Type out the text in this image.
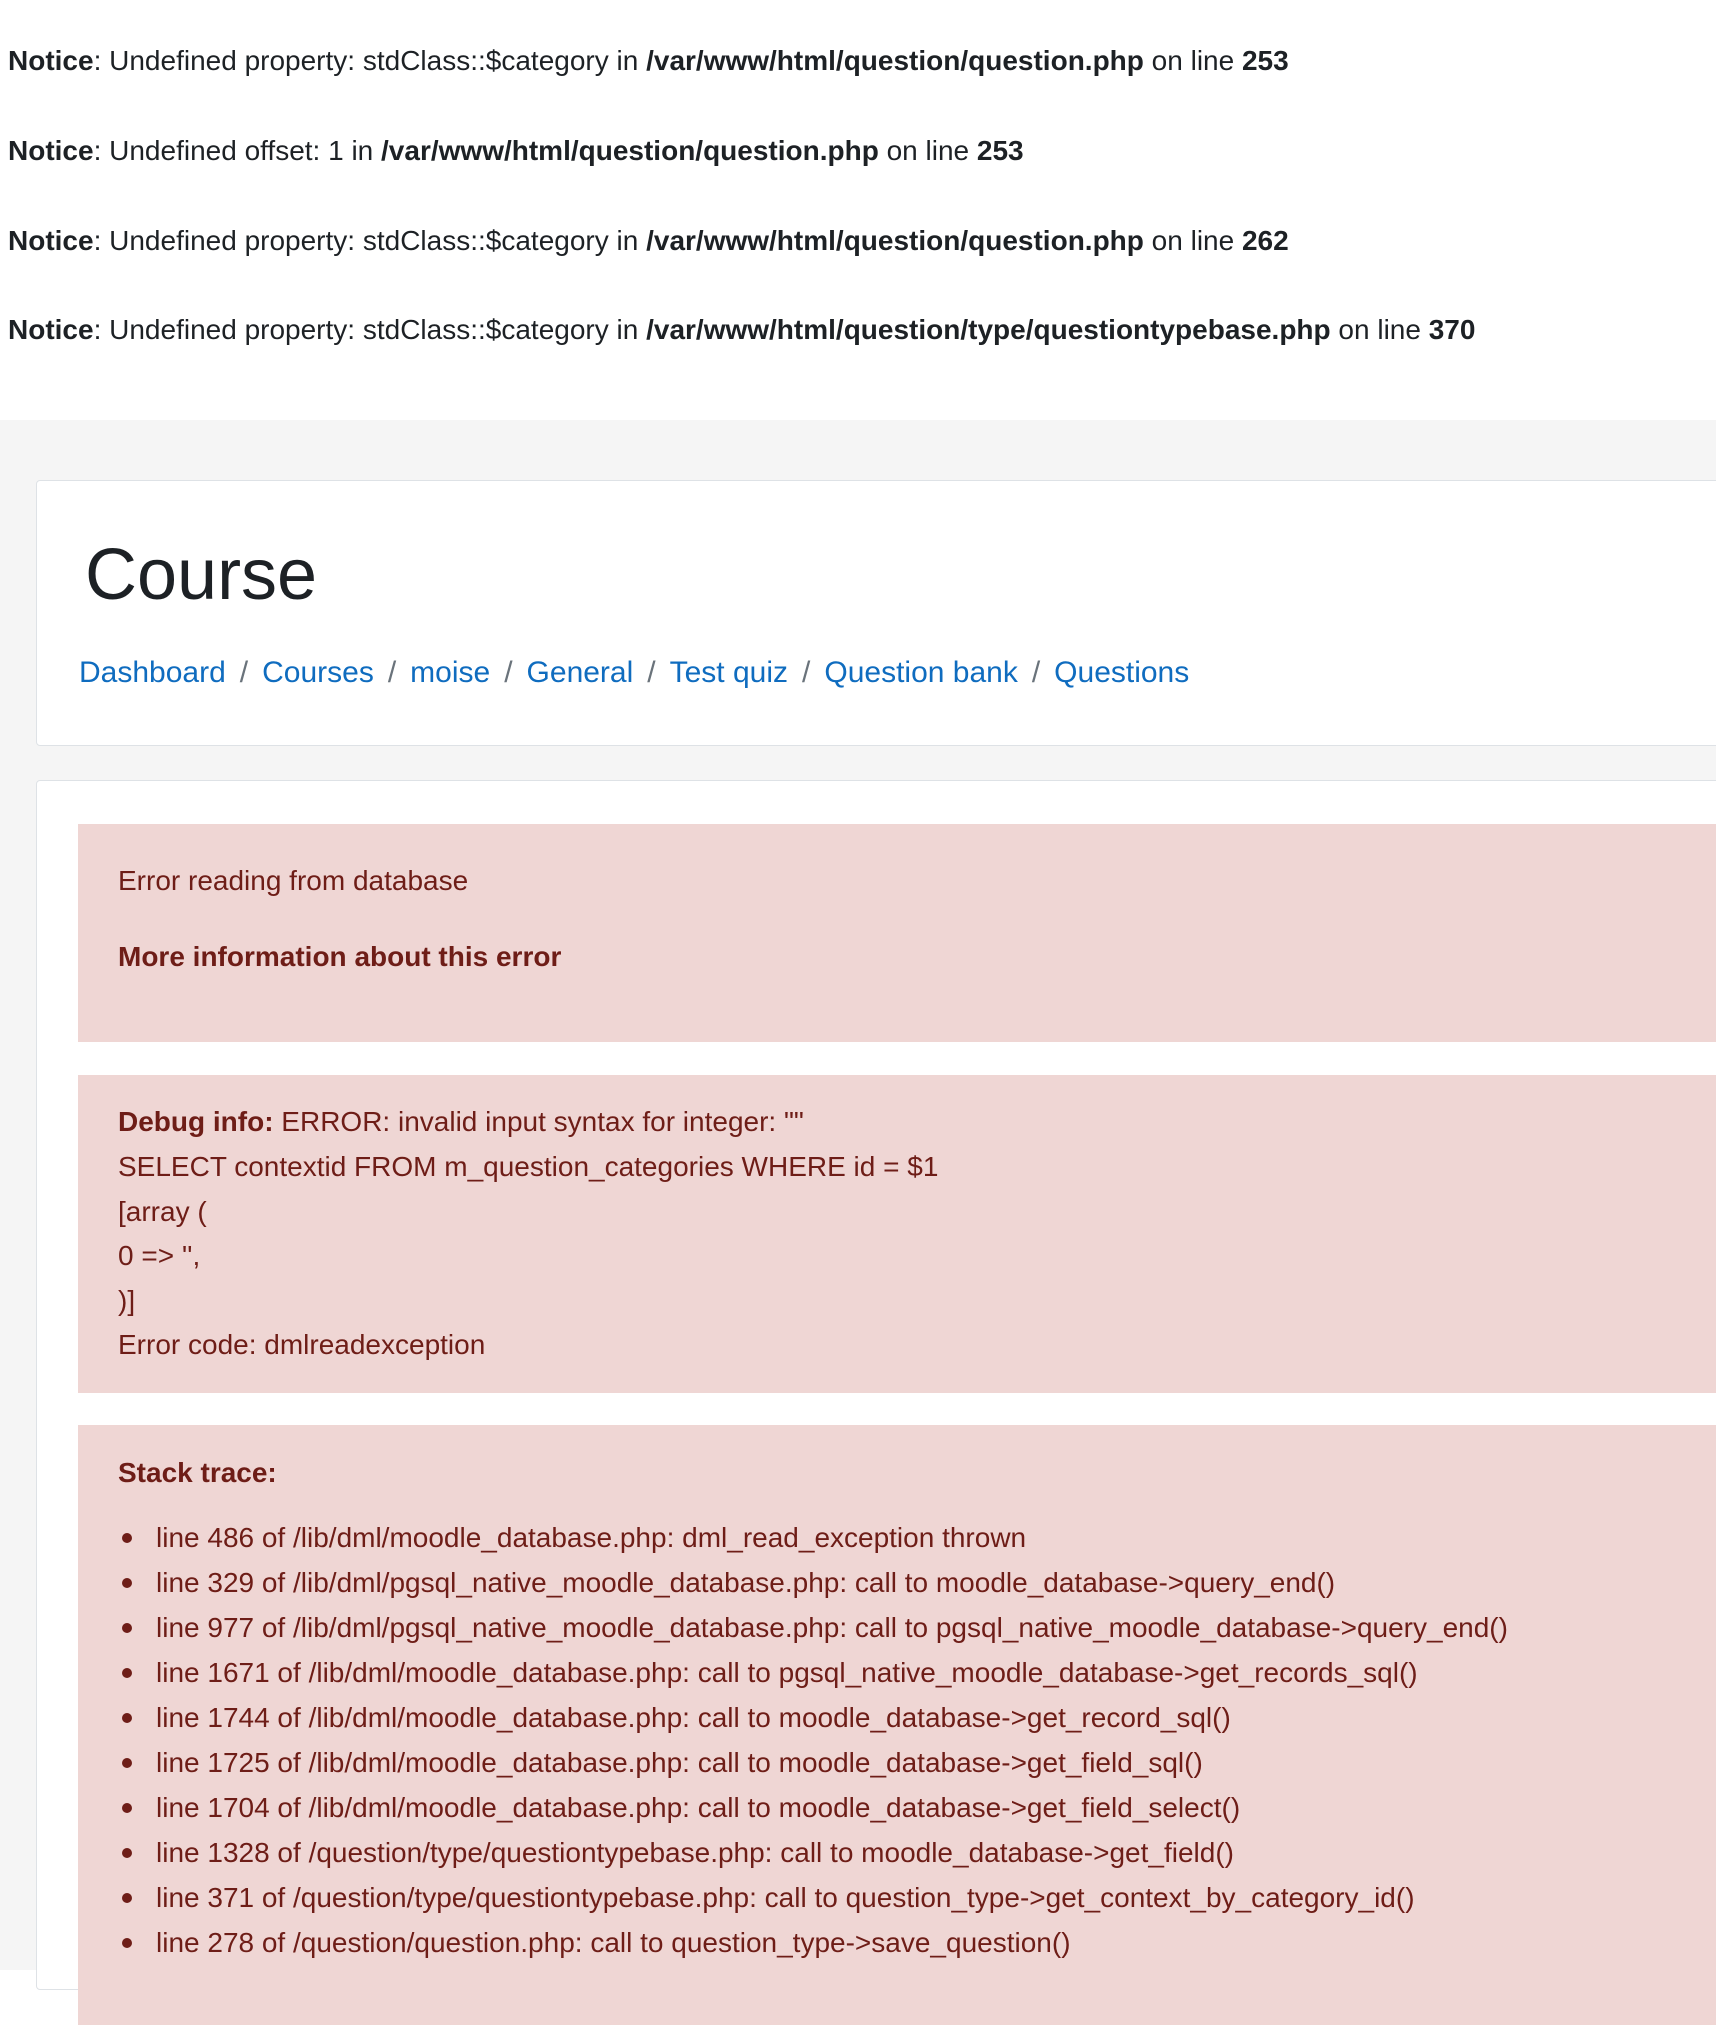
Notice: Undefined property: stdClass::$category in /var/www/html/question/question.php on line 253
Notice: Undefined offset: 1 in /var/www/html/question/question.php on line 253
Notice: Undefined property: stdClass::$category in /var/www/html/question/question.php on line 262
Notice: Undefined property: stdClass::$category in /var/www/html/question/type/questiontypebase.php on line 370
Course
Dashboard / Courses / moise / General / Test quiz / Question bank / Questions
Error reading from database
More information about this error
Debug info: ERROR: invalid input syntax for integer: ""
SELECT contextid FROM m_question_categories WHERE id = $1
[array (
0 => '',
)]
Error code: dmlreadexception
Stack trace:
line 486 of /lib/dml/moodle_database.php: dml_read_exception thrown
line 329 of /lib/dml/pgsql_native_moodle_database.php: call to moodle_database->query_end()
line 977 of /lib/dml/pgsql_native_moodle_database.php: call to pgsql_native_moodle_database->query_end()
line 1671 of /lib/dml/moodle_database.php: call to pgsql_native_moodle_database->get_records_sql()
line 1744 of /lib/dml/moodle_database.php: call to moodle_database->get_record_sql()
line 1725 of /lib/dml/moodle_database.php: call to moodle_database->get_field_sql()
line 1704 of /lib/dml/moodle_database.php: call to moodle_database->get_field_select()
line 1328 of /question/type/questiontypebase.php: call to moodle_database->get_field()
line 371 of /question/type/questiontypebase.php: call to question_type->get_context_by_category_id()
line 278 of /question/question.php: call to question_type->save_question()
